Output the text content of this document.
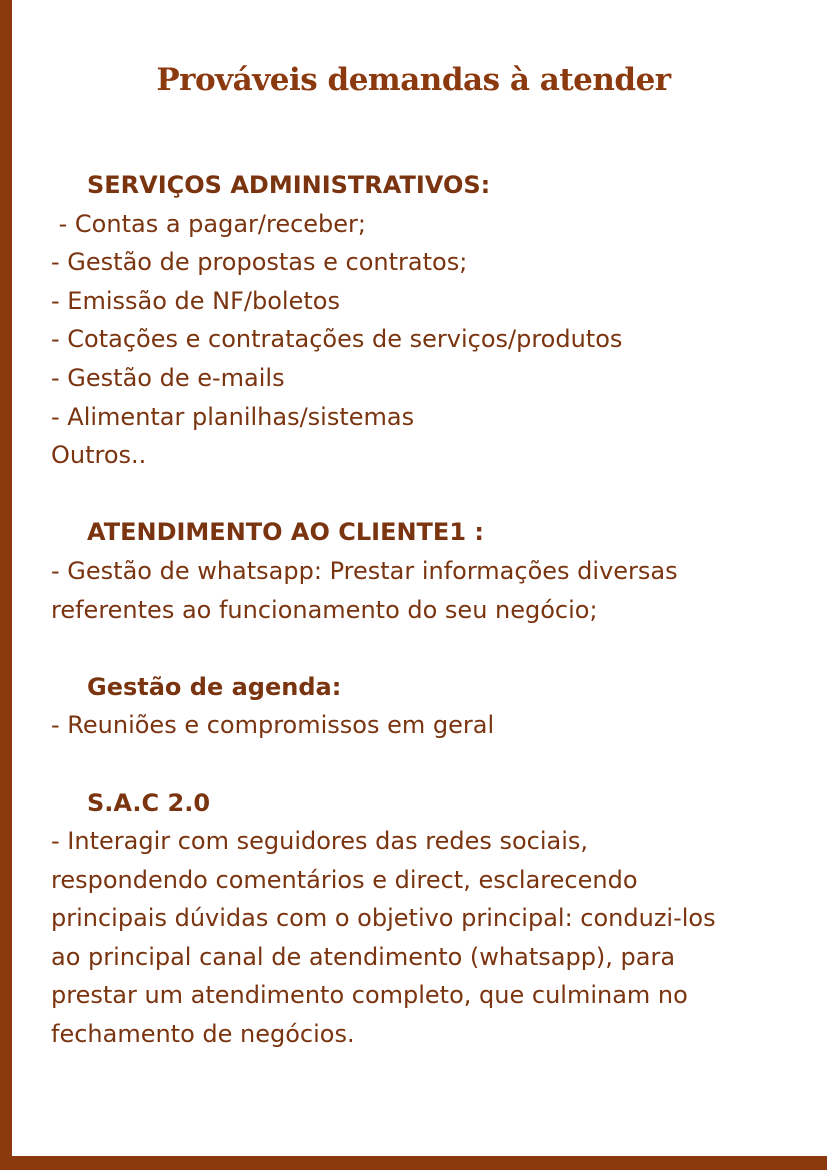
Prováveis demandas à atender
SERVIÇOS ADMINISTRATIVOS:
- Contas a pagar/receber;
- Gestão de propostas e contratos;
- Emissão de NF/boletos
- Cotações e contratações de serviços/produtos
- Gestão de e-mails
- Alimentar planilhas/sistemas
Outros..
ATENDIMENTO AO CLIENTE1 :
- Gestão de whatsapp: Prestar informações diversas
referentes ao funcionamento do seu negócio;
Gestão de agenda:
- Reuniões e compromissos em geral
S.A.C 2.0
- Interagir com seguidores das redes sociais,
respondendo comentários e direct, esclarecendo
principais dúvidas com o objetivo principal: conduzi-los
ao principal canal de atendimento (whatsapp), para
prestar um atendimento completo, que culminam no
fechamento de negócios.
